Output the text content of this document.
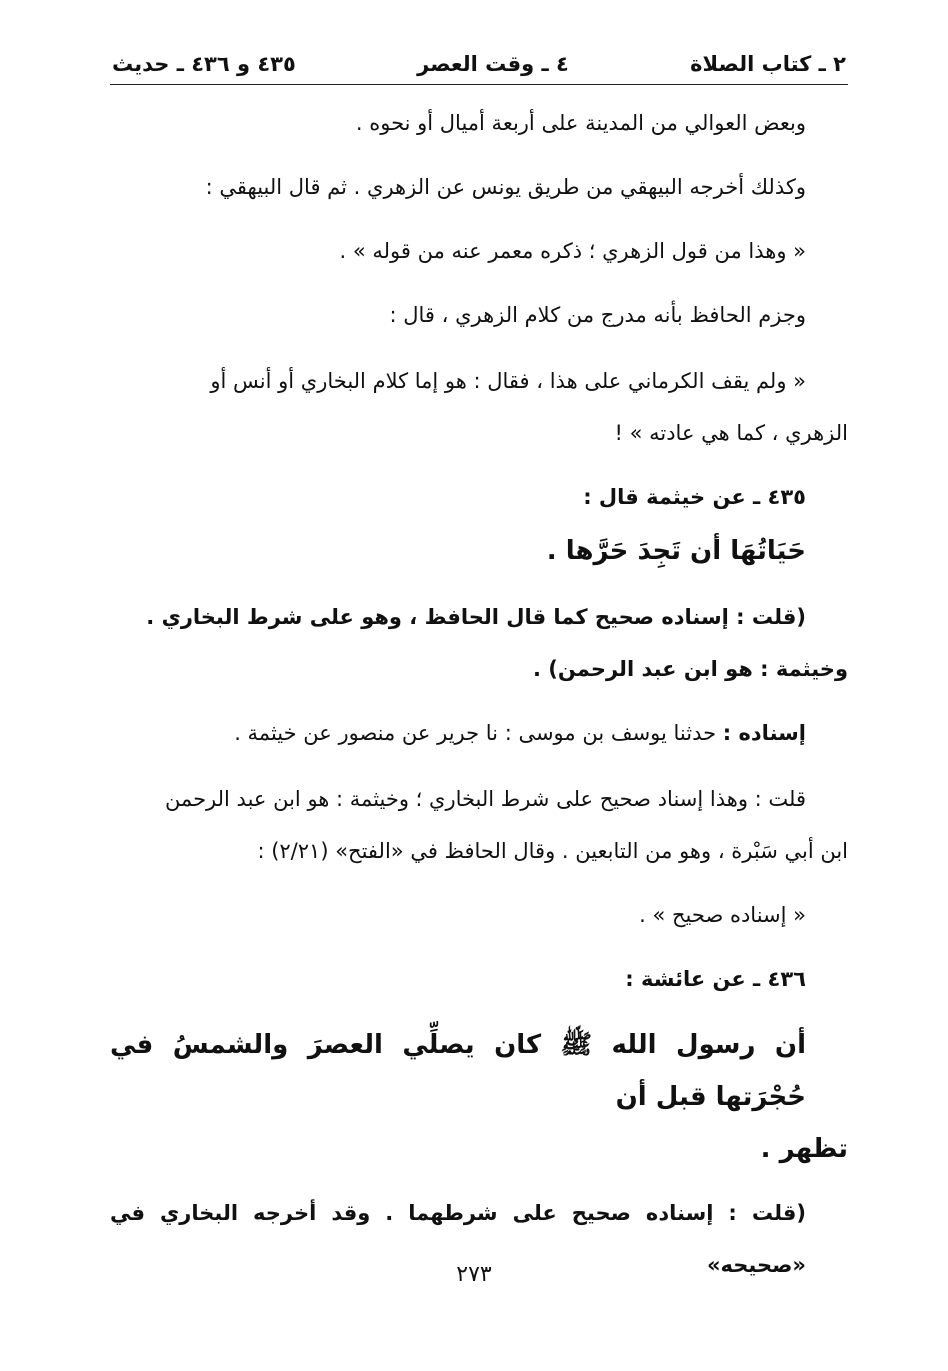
٢ ـ كتاب الصلاة
٤ ـ وقت العصر
٤٣٥ و ٤٣٦ ـ حديث

وبعض العوالي من المدينة على أربعة أميال أو نحوه .

وكذلك أخرجه البيهقي من طريق يونس عن الزهري . ثم قال البيهقي :

« وهذا من قول الزهري ؛ ذكره معمر عنه من قوله » .

وجزم الحافظ بأنه مدرج من كلام الزهري ، قال :

« ولم يقف الكرماني على هذا ، فقال : هو إما كلام البخاري أو أنس أو

الزهري ، كما هي عادته » !

٤٣٥ ـ عن خيثمة قال :

حَيَاتُهَا أن تَجِدَ حَرَّها .

(قلت : إسناده صحيح كما قال الحافظ ، وهو على شرط البخاري .

وخيثمة : هو ابن عبد الرحمن) .

إسناده : حدثنا يوسف بن موسى : نا جرير عن منصور عن خيثمة .

قلت : وهذا إسناد صحيح على شرط البخاري ؛ وخيثمة : هو ابن عبد الرحمن

ابن أبي سَبْرة ، وهو من التابعين . وقال الحافظ في «الفتح» (٢/٢١) :

« إسناده صحيح » .

٤٣٦ ـ عن عائشة :

أن رسول الله ﷺ كان يصلِّي العصرَ والشمسُ في حُجْرَتها قبل أن

تظهر .

(قلت : إسناده صحيح على شرطهما . وقد أخرجه البخاري في «صحيحه»

٢٧٣
